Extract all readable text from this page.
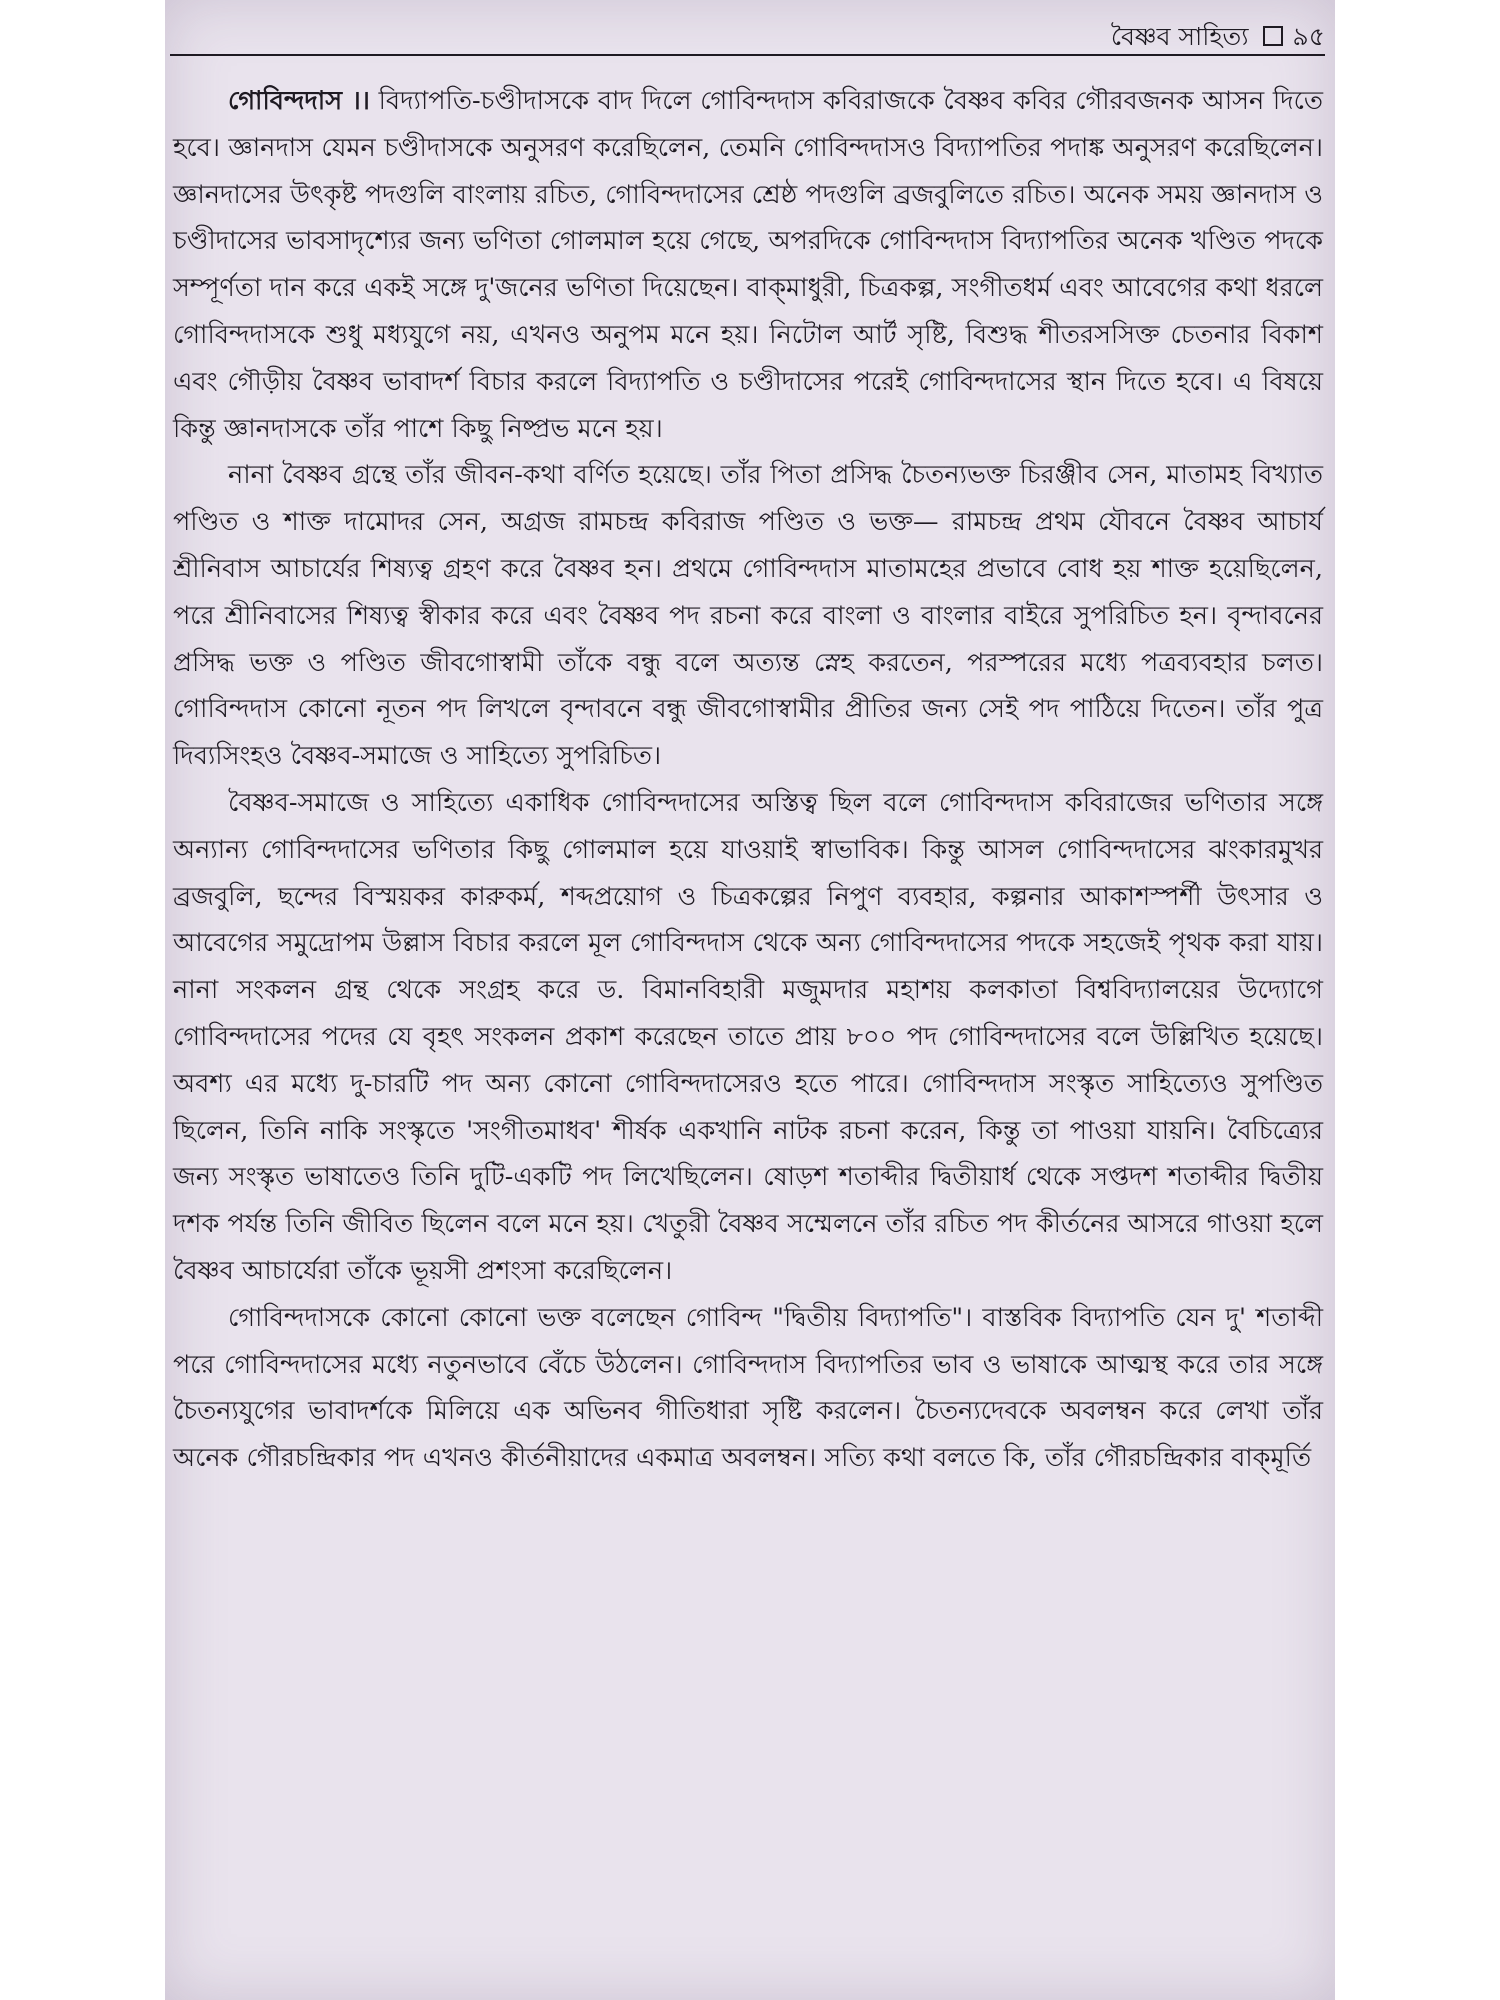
বৈষ্ণব সাহিত্য ৯৫

গোবিন্দদাস ।। বিদ্যাপতি-চণ্ডীদাসকে বাদ দিলে গোবিন্দদাস কবিরাজকে বৈষ্ণব কবির গৌরবজনক আসন দিতে হবে। জ্ঞানদাস যেমন চণ্ডীদাসকে অনুসরণ করেছিলেন, তেমনি গোবিন্দদাসও বিদ্যাপতির পদাঙ্ক অনুসরণ করেছিলেন। জ্ঞানদাসের উৎকৃষ্ট পদগুলি বাংলায় রচিত, গোবিন্দদাসের শ্রেষ্ঠ পদগুলি ব্রজবুলিতে রচিত। অনেক সময় জ্ঞানদাস ও চণ্ডীদাসের ভাবসাদৃশ্যের জন্য ভণিতা গোলমাল হয়ে গেছে, অপরদিকে গোবিন্দদাস বিদ্যাপতির অনেক খণ্ডিত পদকে সম্পূর্ণতা দান করে একই সঙ্গে দু'জনের ভণিতা দিয়েছেন। বাক্‌মাধুরী, চিত্রকল্প, সংগীতধর্ম এবং আবেগের কথা ধরলে গোবিন্দদাসকে শুধু মধ্যযুগে নয়, এখনও অনুপম মনে হয়। নিটোল আর্ট সৃষ্টি, বিশুদ্ধ শীতরসসিক্ত চেতনার বিকাশ এবং গৌড়ীয় বৈষ্ণব ভাবাদর্শ বিচার করলে বিদ্যাপতি ও চণ্ডীদাসের পরেই গোবিন্দদাসের স্থান দিতে হবে। এ বিষয়ে কিন্তু জ্ঞানদাসকে তাঁর পাশে কিছু নিষ্প্রভ মনে হয়।

নানা বৈষ্ণব গ্রন্থে তাঁর জীবন-কথা বর্ণিত হয়েছে। তাঁর পিতা প্রসিদ্ধ চৈতন্যভক্ত চিরঞ্জীব সেন, মাতামহ বিখ্যাত পণ্ডিত ও শাক্ত দামোদর সেন, অগ্রজ রামচন্দ্র কবিরাজ পণ্ডিত ও ভক্ত— রামচন্দ্র প্রথম যৌবনে বৈষ্ণব আচার্য শ্রীনিবাস আচার্যের শিষ্যত্ব গ্রহণ করে বৈষ্ণব হন। প্রথমে গোবিন্দদাস মাতামহের প্রভাবে বোধ হয় শাক্ত হয়েছিলেন, পরে শ্রীনিবাসের শিষ্যত্ব স্বীকার করে এবং বৈষ্ণব পদ রচনা করে বাংলা ও বাংলার বাইরে সুপরিচিত হন। বৃন্দাবনের প্রসিদ্ধ ভক্ত ও পণ্ডিত জীবগোস্বামী তাঁকে বন্ধু বলে অত্যন্ত স্নেহ করতেন, পরস্পরের মধ্যে পত্রব্যবহার চলত। গোবিন্দদাস কোনো নূতন পদ লিখলে বৃন্দাবনে বন্ধু জীবগোস্বামীর প্রীতির জন্য সেই পদ পাঠিয়ে দিতেন। তাঁর পুত্র দিব্যসিংহও বৈষ্ণব-সমাজে ও সাহিত্যে সুপরিচিত।

বৈষ্ণব-সমাজে ও সাহিত্যে একাধিক গোবিন্দদাসের অস্তিত্ব ছিল বলে গোবিন্দদাস কবিরাজের ভণিতার সঙ্গে অন্যান্য গোবিন্দদাসের ভণিতার কিছু গোলমাল হয়ে যাওয়াই স্বাভাবিক। কিন্তু আসল গোবিন্দদাসের ঝংকারমুখর ব্রজবুলি, ছন্দের বিস্ময়কর কারুকর্ম, শব্দপ্রয়োগ ও চিত্রকল্পের নিপুণ ব্যবহার, কল্পনার আকাশস্পর্শী উৎসার ও আবেগের সমুদ্রোপম উল্লাস বিচার করলে মূল গোবিন্দদাস থেকে অন্য গোবিন্দদাসের পদকে সহজেই পৃথক করা যায়। নানা সংকলন গ্রন্থ থেকে সংগ্রহ করে ড. বিমানবিহারী মজুমদার মহাশয় কলকাতা বিশ্ববিদ্যালয়ের উদ্যোগে গোবিন্দদাসের পদের যে বৃহৎ সংকলন প্রকাশ করেছেন তাতে প্রায় ৮০০ পদ গোবিন্দদাসের বলে উল্লিখিত হয়েছে। অবশ্য এর মধ্যে দু-চারটি পদ অন্য কোনো গোবিন্দদাসেরও হতে পারে। গোবিন্দদাস সংস্কৃত সাহিত্যেও সুপণ্ডিত ছিলেন, তিনি নাকি সংস্কৃতে 'সংগীতমাধব' শীর্ষক একখানি নাটক রচনা করেন, কিন্তু তা পাওয়া যায়নি। বৈচিত্র্যের জন্য সংস্কৃত ভাষাতেও তিনি দুটি-একটি পদ লিখেছিলেন। ষোড়শ শতাব্দীর দ্বিতীয়ার্ধ থেকে সপ্তদশ শতাব্দীর দ্বিতীয় দশক পর্যন্ত তিনি জীবিত ছিলেন বলে মনে হয়। খেতুরী বৈষ্ণব সম্মেলনে তাঁর রচিত পদ কীর্তনের আসরে গাওয়া হলে বৈষ্ণব আচার্যেরা তাঁকে ভূয়সী প্রশংসা করেছিলেন।

গোবিন্দদাসকে কোনো কোনো ভক্ত বলেছেন গোবিন্দ "দ্বিতীয় বিদ্যাপতি"। বাস্তবিক বিদ্যাপতি যেন দু' শতাব্দী পরে গোবিন্দদাসের মধ্যে নতুনভাবে বেঁচে উঠলেন। গোবিন্দদাস বিদ্যাপতির ভাব ও ভাষাকে আত্মস্থ করে তার সঙ্গে চৈতন্যযুগের ভাবাদর্শকে মিলিয়ে এক অভিনব গীতিধারা সৃষ্টি করলেন। চৈতন্যদেবকে অবলম্বন করে লেখা তাঁর অনেক গৌরচন্দ্রিকার পদ এখনও কীর্তনীয়াদের একমাত্র অবলম্বন। সত্যি কথা বলতে কি, তাঁর গৌরচন্দ্রিকার বাক্‌মূর্তি
